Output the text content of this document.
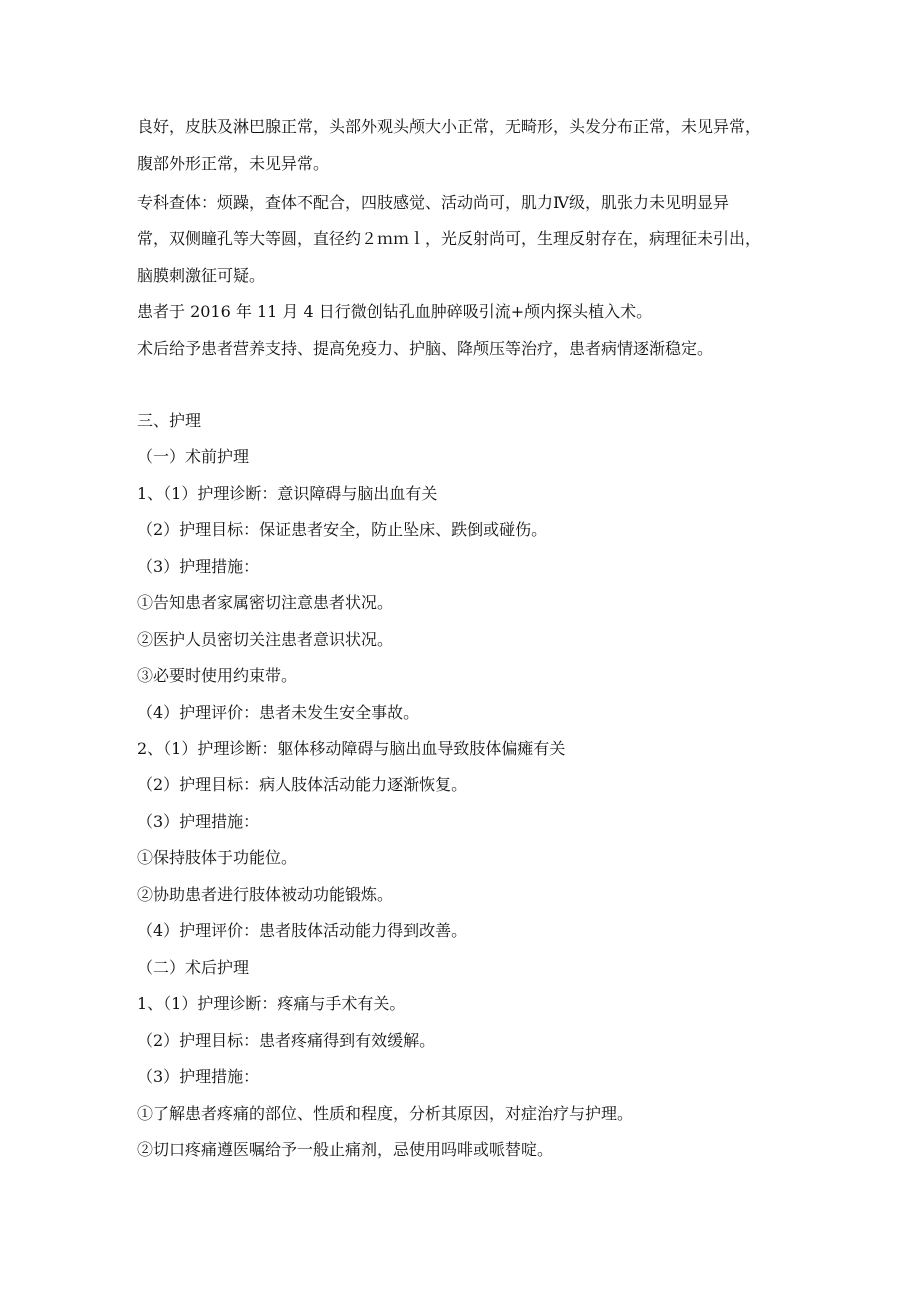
良好，皮肤及淋巴腺正常，头部外观头颅大小正常，无畸形，头发分布正常，未见异常，
腹部外形正常，未见异常。
专科查体：烦躁，查体不配合，四肢感觉、活动尚可，肌力Ⅳ级，肌张力未见明显异
常，双侧瞳孔等大等圆，直径约２ｍｍｌ，光反射尚可，生理反射存在，病理征未引出，
脑膜刺激征可疑。
患者于 2016 年 11 月 4 日行微创钻孔血肿碎吸引流+颅内探头植入术。
术后给予患者营养支持、提高免疫力、护脑、降颅压等治疗，患者病情逐渐稳定。
三、护理
（一）术前护理
1、（1）护理诊断：意识障碍与脑出血有关
（2）护理目标：保证患者安全，防止坠床、跌倒或碰伤。
（3）护理措施：
①告知患者家属密切注意患者状况。
②医护人员密切关注患者意识状况。
③必要时使用约束带。
（4）护理评价：患者未发生安全事故。
2、（1）护理诊断：躯体移动障碍与脑出血导致肢体偏瘫有关
（2）护理目标：病人肢体活动能力逐渐恢复。
（3）护理措施：
①保持肢体于功能位。
②协助患者进行肢体被动功能锻炼。
（4）护理评价：患者肢体活动能力得到改善。
（二）术后护理
1、（1）护理诊断：疼痛与手术有关。
（2）护理目标：患者疼痛得到有效缓解。
（3）护理措施：
①了解患者疼痛的部位、性质和程度，分析其原因，对症治疗与护理。
②切口疼痛遵医嘱给予一般止痛剂，忌使用吗啡或哌替啶。
